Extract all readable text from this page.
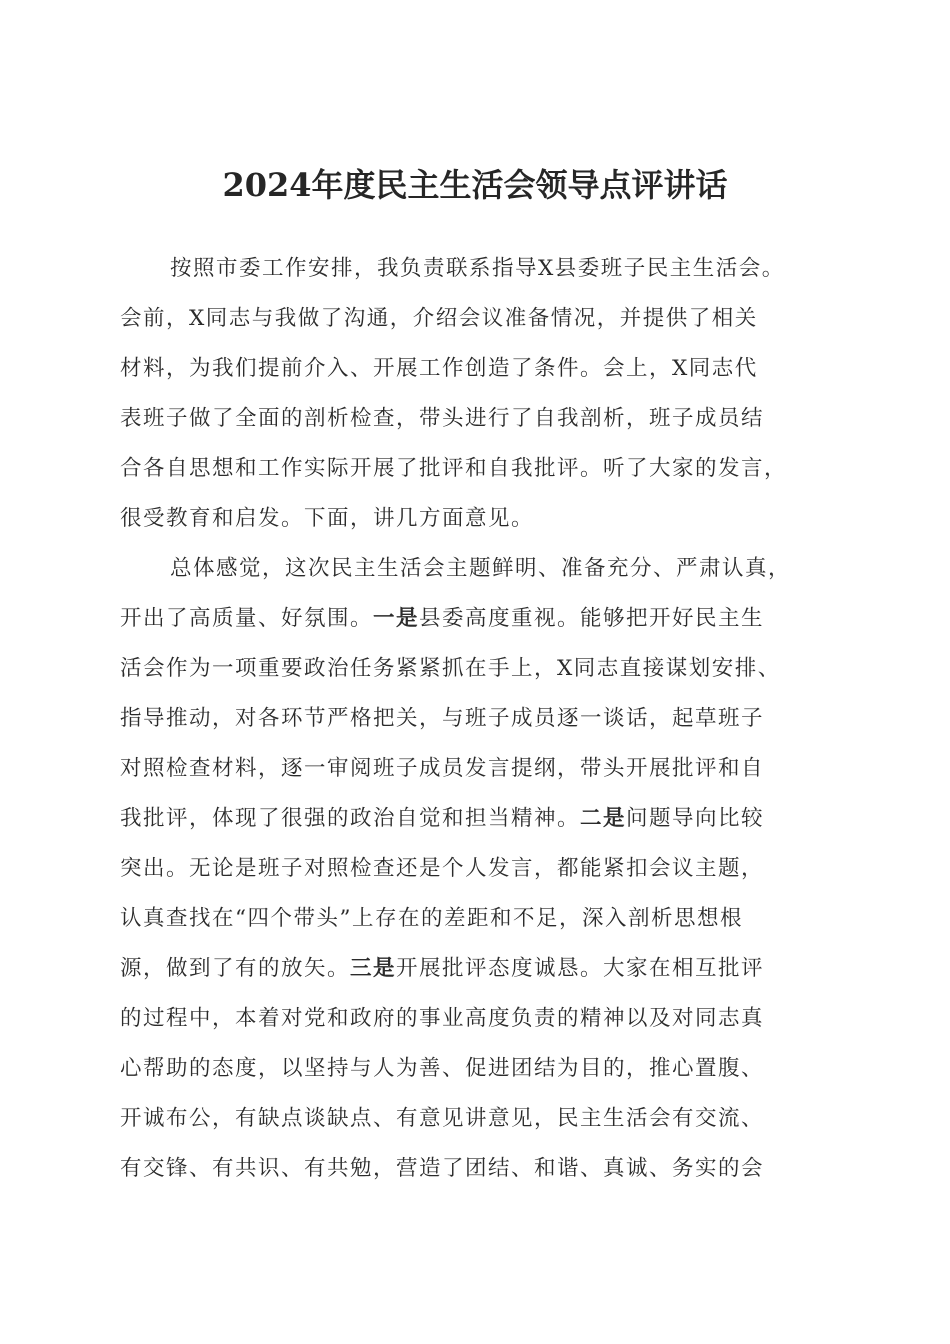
2024年度民主生活会领导点评讲话
按照市委工作安排，我负责联系指导X县委班子民主生活会。
会前，X同志与我做了沟通，介绍会议准备情况，并提供了相关
材料，为我们提前介入、开展工作创造了条件。会上，X同志代
表班子做了全面的剖析检查，带头进行了自我剖析，班子成员结
合各自思想和工作实际开展了批评和自我批评。听了大家的发言，
很受教育和启发。下面，讲几方面意见。
总体感觉，这次民主生活会主题鲜明、准备充分、严肃认真，
开出了高质量、好氛围。一是县委高度重视。能够把开好民主生
活会作为一项重要政治任务紧紧抓在手上，X同志直接谋划安排、
指导推动，对各环节严格把关，与班子成员逐一谈话，起草班子
对照检查材料，逐一审阅班子成员发言提纲，带头开展批评和自
我批评，体现了很强的政治自觉和担当精神。二是问题导向比较
突出。无论是班子对照检查还是个人发言，都能紧扣会议主题，
认真查找在“四个带头”上存在的差距和不足，深入剖析思想根
源，做到了有的放矢。三是开展批评态度诚恳。大家在相互批评
的过程中，本着对党和政府的事业高度负责的精神以及对同志真
心帮助的态度，以坚持与人为善、促进团结为目的，推心置腹、
开诚布公，有缺点谈缺点、有意见讲意见，民主生活会有交流、
有交锋、有共识、有共勉，营造了团结、和谐、真诚、务实的会
